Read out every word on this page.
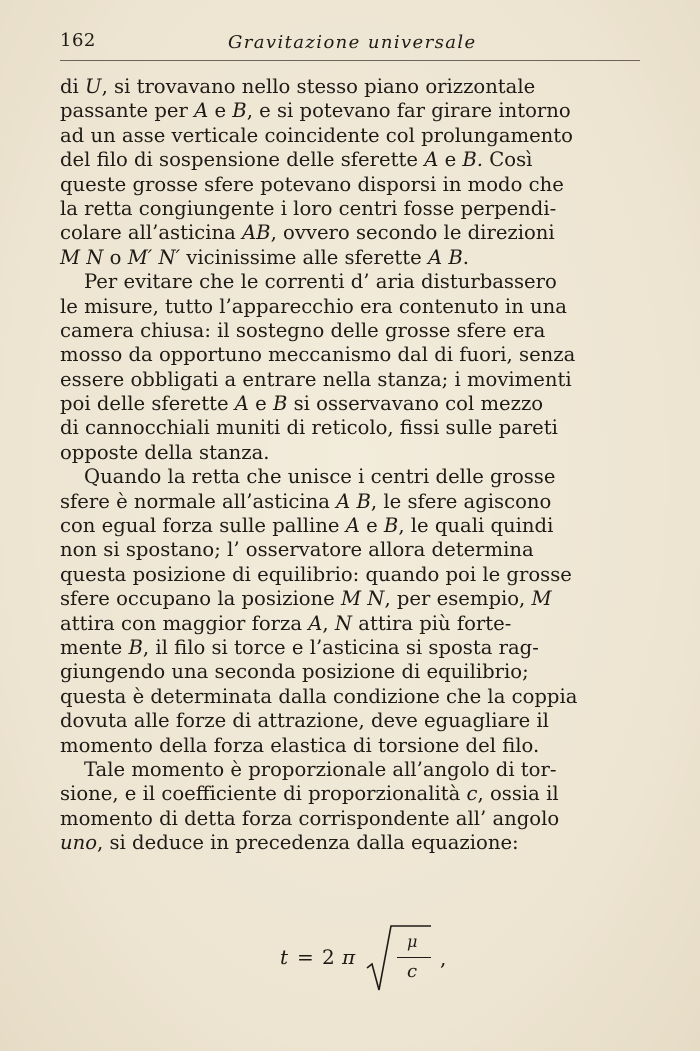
162	Gravitazione universale
di U, si trovavano nello stesso piano orizzontale
passante per A e B, e si potevano far girare intorno
ad un asse verticale coincidente col prolungamento
del filo di sospensione delle sferette A e B. Così
queste grosse sfere potevano disporsi in modo che
la retta congiungente i loro centri fosse perpendi-
colare all’asticina AB, ovvero secondo le direzioni
M N o M′ N′ vicinissime alle sferette A B.
Per evitare che le correnti d’ aria disturbassero
le misure, tutto l’apparecchio era contenuto in una
camera chiusa: il sostegno delle grosse sfere era
mosso da opportuno meccanismo dal di fuori, senza
essere obbligati a entrare nella stanza; i movimenti
poi delle sferette A e B si osservavano col mezzo
di cannocchiali muniti di reticolo, fissi sulle pareti
opposte della stanza.
Quando la retta che unisce i centri delle grosse
sfere è normale all’asticina A B, le sfere agiscono
con egual forza sulle palline A e B, le quali quindi
non si spostano; l’ osservatore allora determina
questa posizione di equilibrio: quando poi le grosse
sfere occupano la posizione M N, per esempio, M
attira con maggior forza A, N attira più forte-
mente B, il filo si torce e l’asticina si sposta rag-
giungendo una seconda posizione di equilibrio;
questa è determinata dalla condizione che la coppia
dovuta alle forze di attrazione, deve eguagliare il
momento della forza elastica di torsione del filo.
Tale momento è proporzionale all’angolo di tor-
sione, e il coefficiente di proporzionalità c, ossia il
momento di detta forza corrispondente all’ angolo
uno, si deduce in precedenza dalla equazione:
t = 2 π
μ
c
,
